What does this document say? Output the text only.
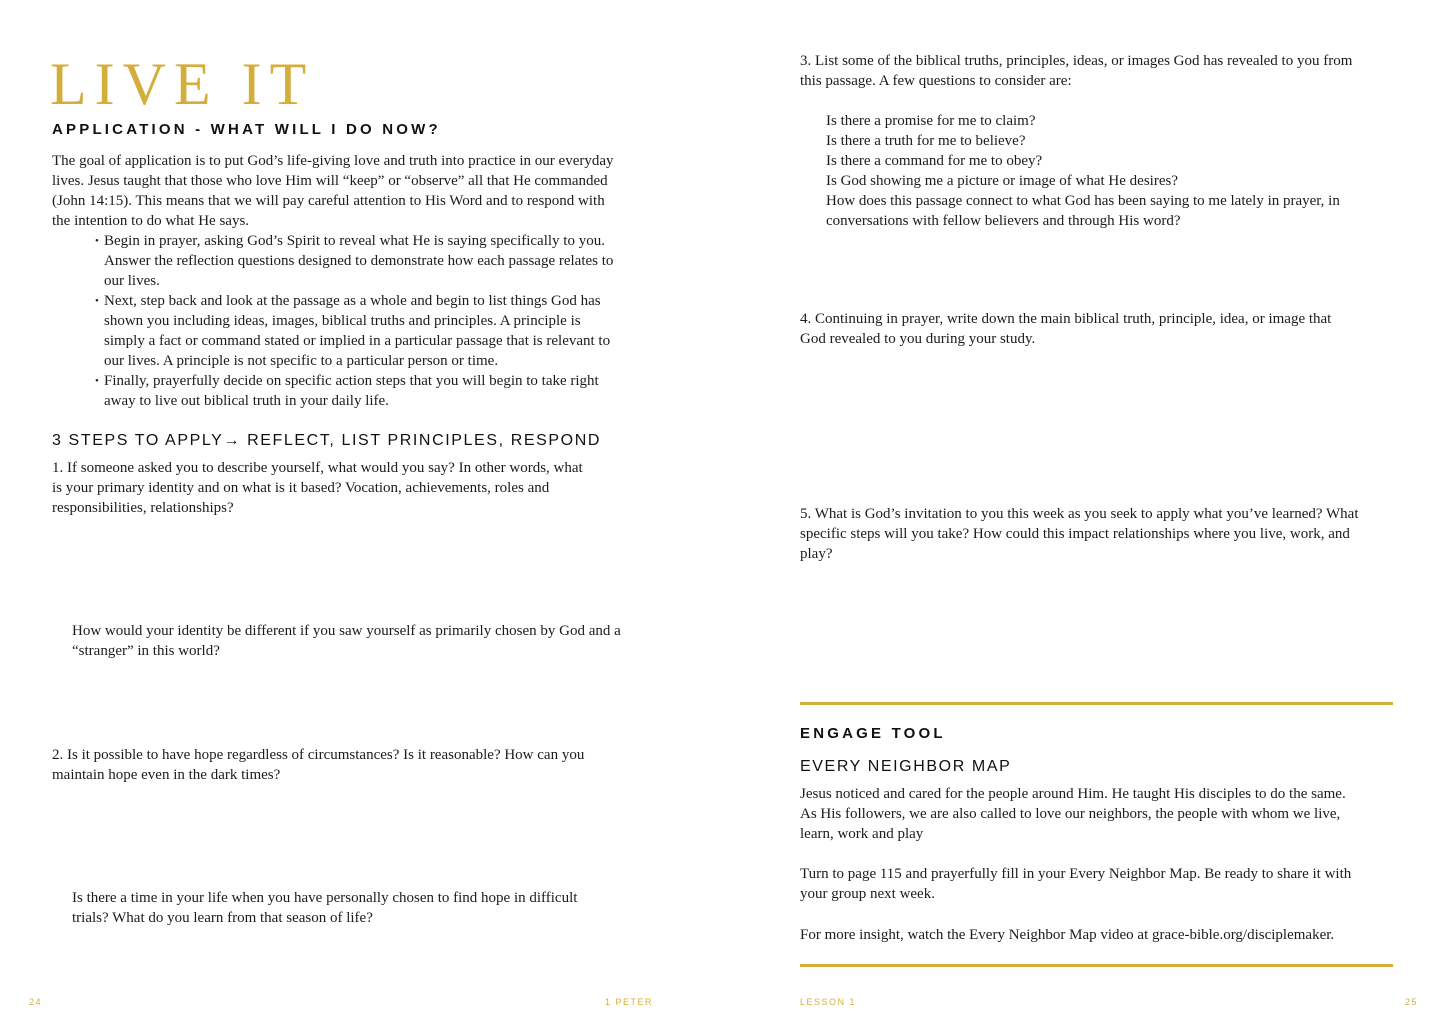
LIVE IT
APPLICATION - WHAT WILL I DO NOW?
The goal of application is to put God’s life-giving love and truth into practice in our everyday
lives. Jesus taught that those who love Him will “keep” or “observe” all that He commanded
(John 14:15). This means that we will pay careful attention to His Word and to respond with
the intention to do what He says.
• Begin in prayer, asking God’s Spirit to reveal what He is saying specifically to you.
Answer the reflection questions designed to demonstrate how each passage relates to
our lives.
• Next, step back and look at the passage as a whole and begin to list things God has
shown you including ideas, images, biblical truths and principles. A principle is
simply a fact or command stated or implied in a particular passage that is relevant to
our lives. A principle is not specific to a particular person or time.
• Finally, prayerfully decide on specific action steps that you will begin to take right
away to live out biblical truth in your daily life.
3 STEPS TO APPLY→ REFLECT, LIST PRINCIPLES, RESPOND
1. If someone asked you to describe yourself, what would you say? In other words, what
is your primary identity and on what is it based? Vocation, achievements, roles and
responsibilities, relationships?
How would your identity be different if you saw yourself as primarily chosen by God and a
“stranger” in this world?
2. Is it possible to have hope regardless of circumstances? Is it reasonable? How can you
maintain hope even in the dark times?
Is there a time in your life when you have personally chosen to find hope in difficult
trials? What do you learn from that season of life?
24	1 PETER
3. List some of the biblical truths, principles, ideas, or images God has revealed to you from
this passage. A few questions to consider are:
Is there a promise for me to claim?
Is there a truth for me to believe?
Is there a command for me to obey?
Is God showing me a picture or image of what He desires?
How does this passage connect to what God has been saying to me lately in prayer, in
conversations with fellow believers and through His word?
4. Continuing in prayer, write down the main biblical truth, principle, idea, or image that
God revealed to you during your study.
5. What is God’s invitation to you this week as you seek to apply what you’ve learned? What
specific steps will you take? How could this impact relationships where you live, work, and
play?
ENGAGE TOOL
EVERY NEIGHBOR MAP
Jesus noticed and cared for the people around Him. He taught His disciples to do the same.
As His followers, we are also called to love our neighbors, the people with whom we live,
learn, work and play
Turn to page 115 and prayerfully fill in your Every Neighbor Map. Be ready to share it with
your group next week.
For more insight, watch the Every Neighbor Map video at grace-bible.org/disciplemaker.
LESSON 1	25
